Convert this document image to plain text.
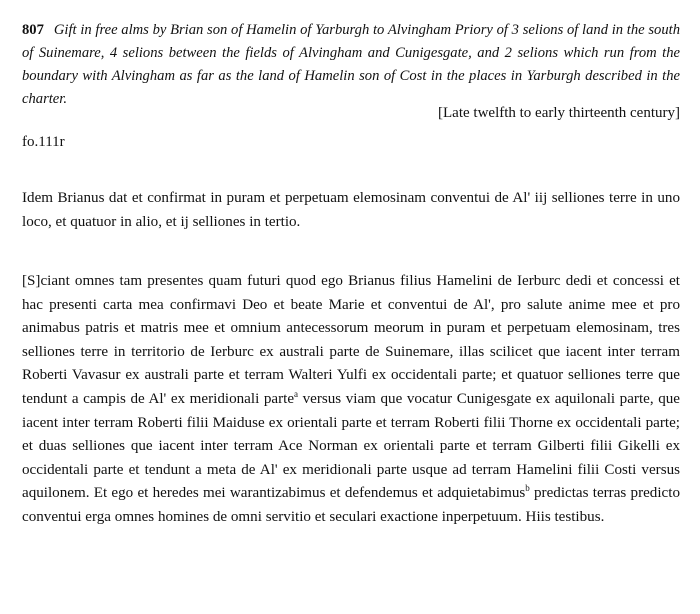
807 Gift in free alms by Brian son of Hamelin of Yarburgh to Alvingham Priory of 3 selions of land in the south of Suinemare, 4 selions between the fields of Alvingham and Cunigesgate, and 2 selions which run from the boundary with Alvingham as far as the land of Hamelin son of Cost in the places in Yarburgh described in the charter.
[Late twelfth to early thirteenth century]
fo.111r
Idem Brianus dat et confirmat in puram et perpetuam elemosinam conventui de Al' iij selliones terre in uno loco, et quatuor in alio, et ij selliones in tertio.
[S]ciant omnes tam presentes quam futuri quod ego Brianus filius Hamelini de Ierburc dedi et concessi et hac presenti carta mea confirmavi Deo et beate Marie et conventui de Al', pro salute anime mee et pro animabus patris et matris mee et omnium antecessorum meorum in puram et perpetuam elemosinam, tres selliones terre in territorio de Ierburc ex australi parte de Suinemare, illas scilicet que iacent inter terram Roberti Vavasur ex australi parte et terram Walteri Yulfi ex occidentali parte; et quatuor selliones terre que tendunt a campis de Al' ex meridionali parte$^a$ versus viam que vocatur Cunigesgate ex aquilonali parte, que iacent inter terram Roberti filii Maiduse ex orientali parte et terram Roberti filii Thorne ex occidentali parte; et duas selliones que iacent inter terram Ace Norman ex orientali parte et terram Gilberti filii Gikelli ex occidentali parte et tendunt a meta de Al' ex meridionali parte usque ad terram Hamelini filii Costi versus aquilonem. Et ego et heredes mei warantizabimus et defendemus et adquietabimus$^b$ predictas terras predicto conventui erga omnes homines de omni servitio et seculari exactione inperpetuum. Hiis testibus.
